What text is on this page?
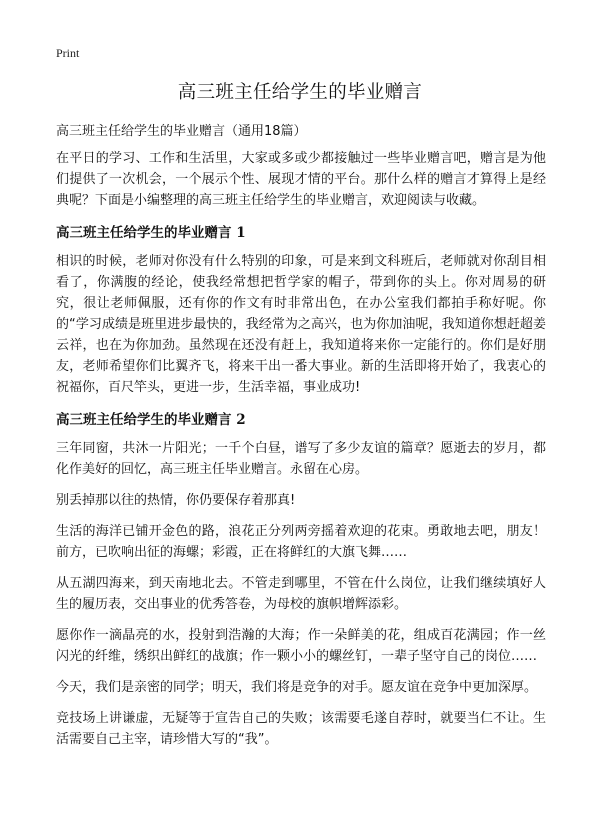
Print
高三班主任给学生的毕业赠言

高三班主任给学生的毕业赠言（通用18篇）

在平日的学习、工作和生活里，大家或多或少都接触过一些毕业赠言吧，赠言是为他们提供了一次机会，一个展示个性、展现才情的平台。那什么样的赠言才算得上是经典呢？下面是小编整理的高三班主任给学生的毕业赠言，欢迎阅读与收藏。

高三班主任给学生的毕业赠言 1

相识的时候，老师对你没有什么特别的印象，可是来到文科班后，老师就对你刮目相看了，你满腹的经论，使我经常想把哲学家的帽子，带到你的头上。你对周易的研究，很让老师佩服，还有你的作文有时非常出色，在办公室我们都拍手称好呢。你的“学习成绩是班里进步最快的，我经常为之高兴，也为你加油呢，我知道你想赶超姜云祥，也在为你加劲。虽然现在还没有赶上，我知道将来你一定能行的。你们是好朋友，老师希望你们比翼齐飞，将来干出一番大事业。新的生活即将开始了，我衷心的祝福你，百尺竿头，更进一步，生活幸福，事业成功!

高三班主任给学生的毕业赠言 2

三年同窗，共沐一片阳光；一千个白昼，谱写了多少友谊的篇章？愿逝去的岁月，都化作美好的回忆，高三班主任毕业赠言。永留在心房。

别丢掉那以往的热情，你仍要保存着那真!

生活的海洋已铺开金色的路，浪花正分列两旁摇着欢迎的花束。勇敢地去吧，朋友！前方，已吹响出征的海螺；彩霞，正在将鲜红的大旗飞舞……

从五湖四海来，到天南地北去。不管走到哪里，不管在什么岗位，让我们继续填好人生的履历表，交出事业的优秀答卷，为母校的旗帜增辉添彩。

愿你作一滴晶亮的水，投射到浩瀚的大海；作一朵鲜美的花，组成百花满园；作一丝闪光的纤维，绣织出鲜红的战旗；作一颗小小的螺丝钉，一辈子坚守自己的岗位……

今天，我们是亲密的同学；明天，我们将是竞争的对手。愿友谊在竞争中更加深厚。

竞技场上讲谦虚，无疑等于宣告自己的失败；该需要毛遂自荐时，就要当仁不让。生活需要自己主宰，请珍惜大写的“我”。
